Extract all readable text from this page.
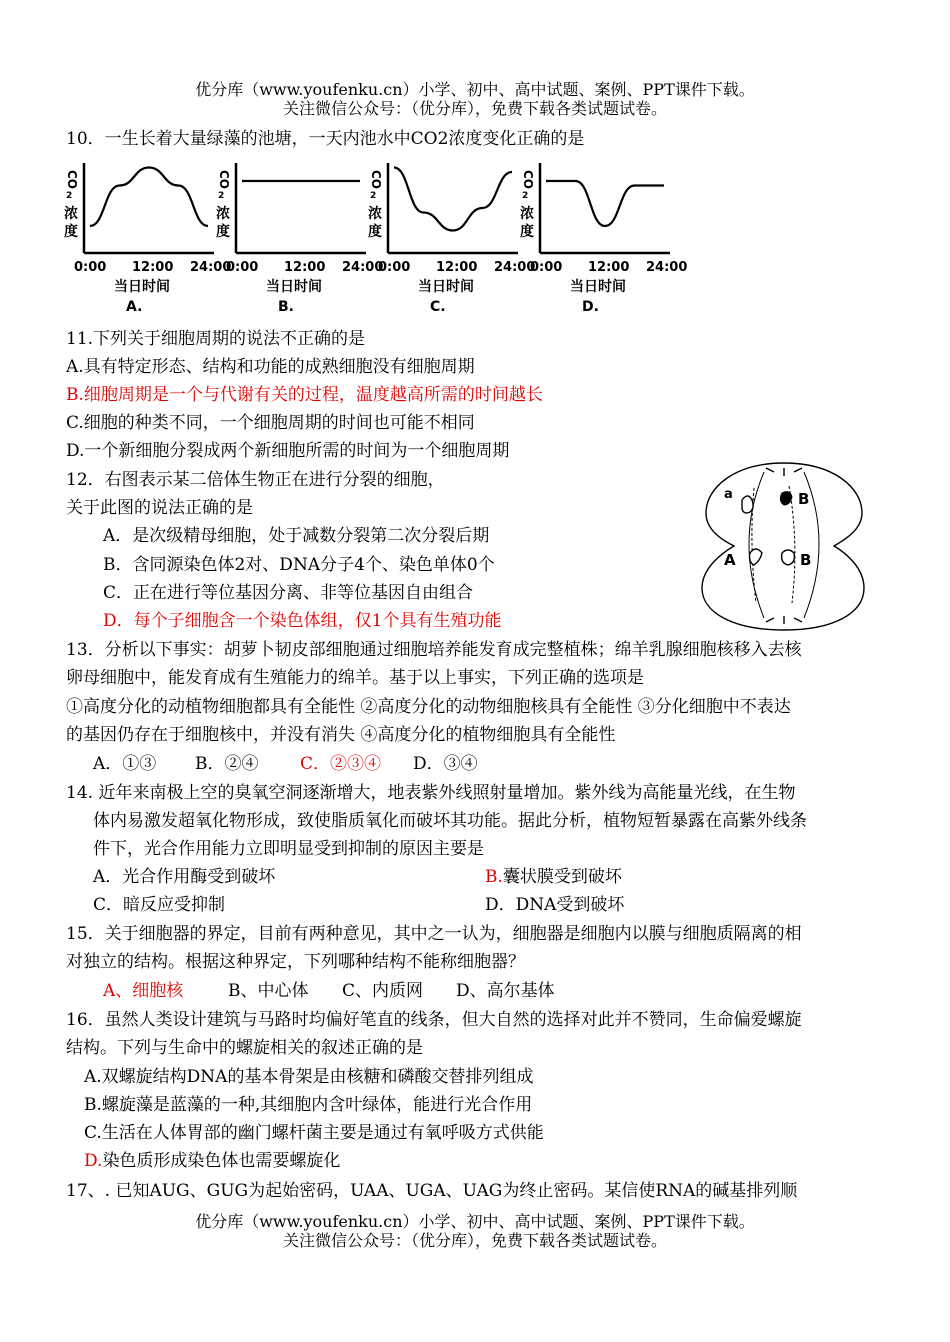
优分库（www.youfenku.cn）小学、初中、高中试题、案例、PPT课件下载。
关注微信公众号：（优分库），免费下载各类试题试卷。
10．一生长着大量绿藻的池塘，一天内池水中CO2浓度变化正确的是
CO
2
浓
度
0:00 12:00 24:00
当日时间
A.
CO
2
浓
度
0:00 12:00 24:00
当日时间
B.
CO
2
浓
度
0:00 12:00 24:00
当日时间
C.
CO
2
浓
度
0:00 12:00 24:00
当日时间
D.
11.下列关于细胞周期的说法不正确的是
A.具有特定形态、结构和功能的成熟细胞没有细胞周期
B.细胞周期是一个与代谢有关的过程，温度越高所需的时间越长
C.细胞的种类不同，一个细胞周期的时间也可能不相同
D.一个新细胞分裂成两个新细胞所需的时间为一个细胞周期
12．右图表示某二倍体生物正在进行分裂的细胞，
关于此图的说法正确的是
A．是次级精母细胞，处于减数分裂第二次分裂后期
B．含同源染色体2对、DNA分子4个、染色单体0个
C．正在进行等位基因分离、非等位基因自由组合
D．每个子细胞含一个染色体组，仅1个具有生殖功能
a	B
A	B
13．分析以下事实：胡萝卜韧皮部细胞通过细胞培养能发育成完整植株；绵羊乳腺细胞核移入去核
卵母细胞中，能发育成有生殖能力的绵羊。基于以上事实，下列正确的选项是
①高度分化的动植物细胞都具有全能性 ②高度分化的动物细胞核具有全能性 ③分化细胞中不表达
的基因仍存在于细胞核中，并没有消失 ④高度分化的植物细胞具有全能性
A．①③ B．②④ C．②③④ D．③④
14. 近年来南极上空的臭氧空洞逐渐增大，地表紫外线照射量增加。紫外线为高能量光线，在生物
体内易激发超氧化物形成，致使脂质氧化而破坏其功能。据此分析，植物短暂暴露在高紫外线条
件下，光合作用能力立即明显受到抑制的原因主要是
A．光合作用酶受到破坏	B.囊状膜受到破坏
C．暗反应受抑制	D．DNA受到破坏
15．关于细胞器的界定，目前有两种意见，其中之一认为，细胞器是细胞内以膜与细胞质隔离的相
对独立的结构。根据这种界定，下列哪种结构不能称细胞器？
A、细胞核	B、中心体 C、内质网 D、高尔基体
16．虽然人类设计建筑与马路时均偏好笔直的线条，但大自然的选择对此并不赞同，生命偏爱螺旋
结构。下列与生命中的螺旋相关的叙述正确的是
A.双螺旋结构DNA的基本骨架是由核糖和磷酸交替排列组成
B.螺旋藻是蓝藻的一种,其细胞内含叶绿体，能进行光合作用
C.生活在人体胃部的幽门螺杆菌主要是通过有氧呼吸方式供能
D.染色质形成染色体也需要螺旋化
17、. 已知AUG、GUG为起始密码，UAA、UGA、UAG为终止密码。某信使RNA的碱基排列顺
优分库（www.youfenku.cn）小学、初中、高中试题、案例、PPT课件下载。
关注微信公众号：（优分库），免费下载各类试题试卷。
